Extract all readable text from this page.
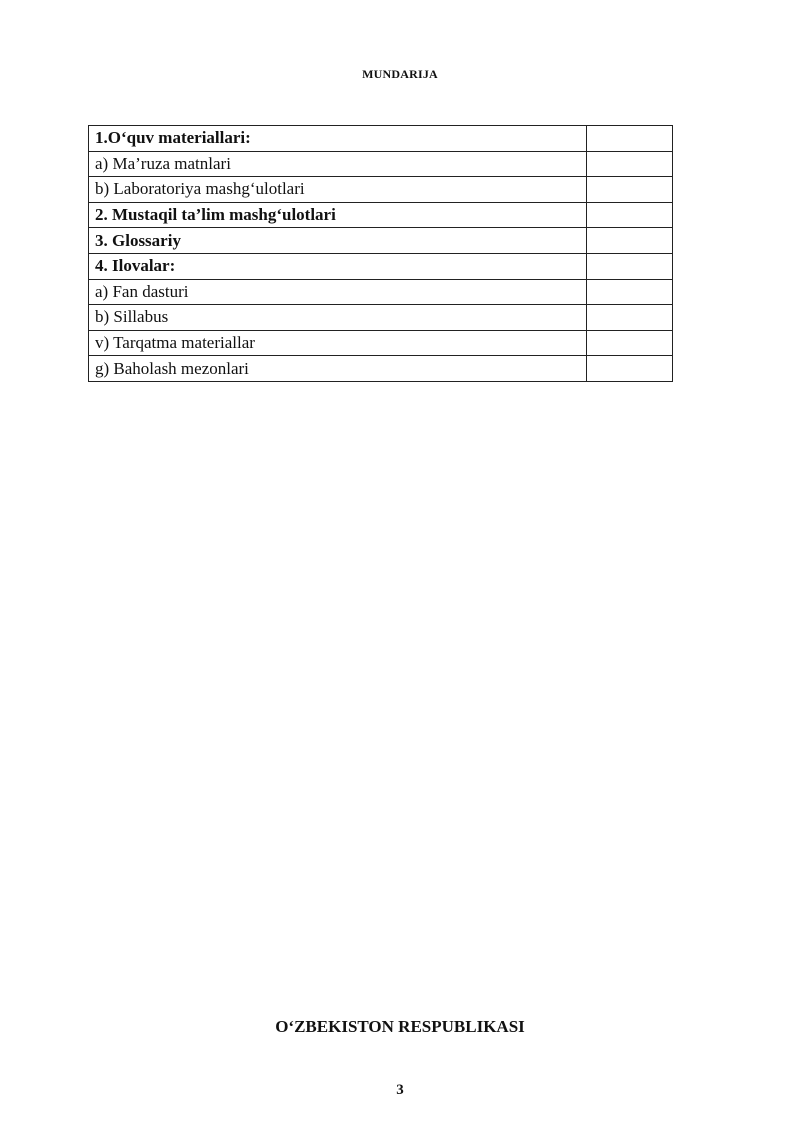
MUNDARIJA
1.O‘quv materiallari:	
a) Ma’ruza matnlari	
b) Laboratoriya mashg‘ulotlari	
2. Mustaqil ta’lim mashg‘ulotlari	
3. Glossariy	
4. Ilovalar:	
a) Fan dasturi	
b) Sillabus	
v) Tarqatma materiallar	
g) Baholash mezonlari	
O‘ZBEKISTON RESPUBLIKASI
3
